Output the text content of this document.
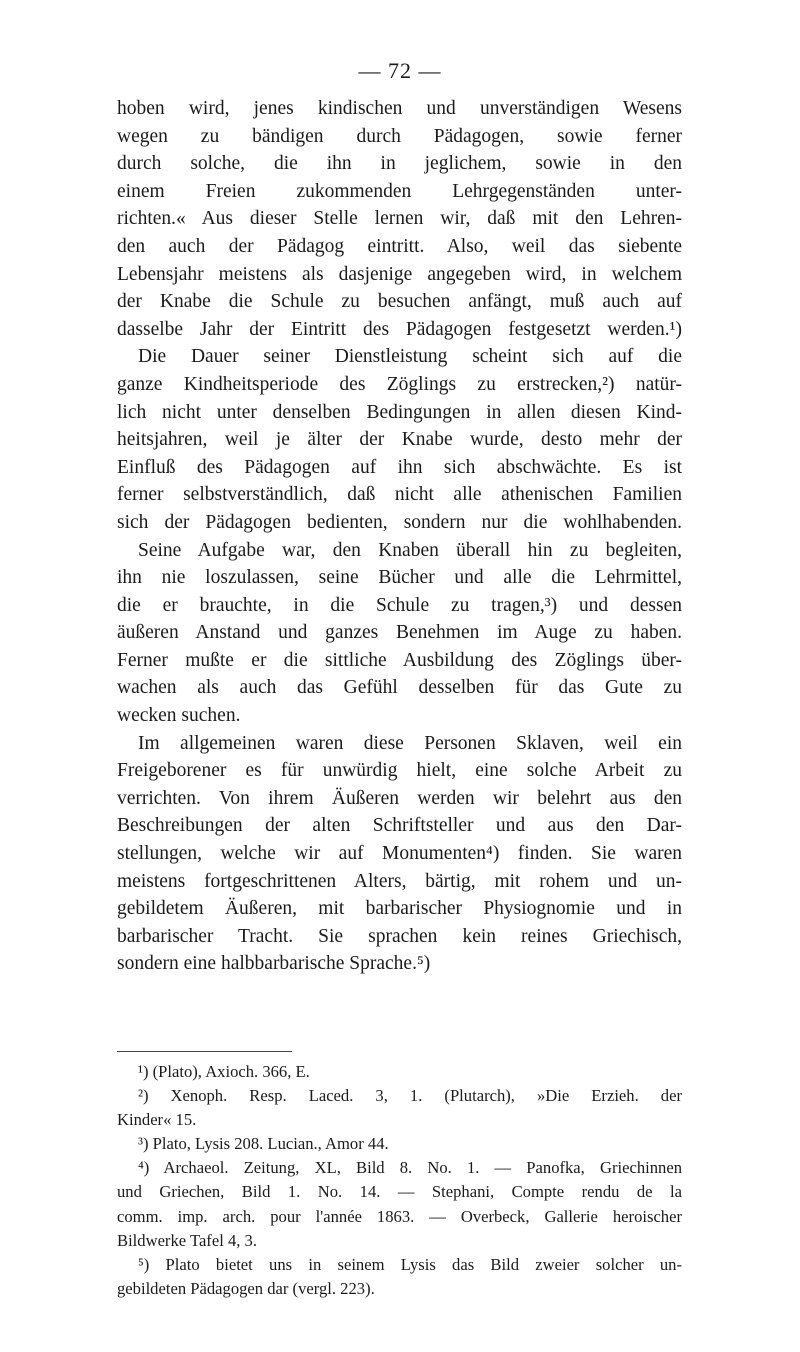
— 72 —
hoben wird, jenes kindischen und unverständigen Wesens
wegen zu bändigen durch Pädagogen, sowie ferner
durch solche, die ihn in jeglichem, sowie in den
einem Freien zukommenden Lehrgegenständen unter-
richten.« Aus dieser Stelle lernen wir, daß mit den Lehren-
den auch der Pädagog eintritt. Also, weil das siebente
Lebensjahr meistens als dasjenige angegeben wird, in welchem
der Knabe die Schule zu besuchen anfängt, muß auch auf
dasselbe Jahr der Eintritt des Pädagogen festgesetzt werden.¹)
Die Dauer seiner Dienstleistung scheint sich auf die
ganze Kindheitsperiode des Zöglings zu erstrecken,²) natür-
lich nicht unter denselben Bedingungen in allen diesen Kind-
heitsjahren, weil je älter der Knabe wurde, desto mehr der
Einfluß des Pädagogen auf ihn sich abschwächte. Es ist
ferner selbstverständlich, daß nicht alle athenischen Familien
sich der Pädagogen bedienten, sondern nur die wohlhabenden.
Seine Aufgabe war, den Knaben überall hin zu begleiten,
ihn nie loszulassen, seine Bücher und alle die Lehrmittel,
die er brauchte, in die Schule zu tragen,³) und dessen
äußeren Anstand und ganzes Benehmen im Auge zu haben.
Ferner mußte er die sittliche Ausbildung des Zöglings über-
wachen als auch das Gefühl desselben für das Gute zu
wecken suchen.
Im allgemeinen waren diese Personen Sklaven, weil ein
Freigeborener es für unwürdig hielt, eine solche Arbeit zu
verrichten. Von ihrem Äußeren werden wir belehrt aus den
Beschreibungen der alten Schriftsteller und aus den Dar-
stellungen, welche wir auf Monumenten⁴) finden. Sie waren
meistens fortgeschrittenen Alters, bärtig, mit rohem und un-
gebildetem Äußeren, mit barbarischer Physiognomie und in
barbarischer Tracht. Sie sprachen kein reines Griechisch,
sondern eine halbbarbarische Sprache.⁵)
¹) (Plato), Axioch. 366, E.
²) Xenoph. Resp. Laced. 3, 1. (Plutarch), »Die Erzieh. der
Kinder« 15.
³) Plato, Lysis 208. Lucian., Amor 44.
⁴) Archaeol. Zeitung, XL, Bild 8. No. 1. — Panofka, Griechinnen
und Griechen, Bild 1. No. 14. — Stephani, Compte rendu de la
comm. imp. arch. pour l'année 1863. — Overbeck, Gallerie heroischer
Bildwerke Tafel 4, 3.
⁵) Plato bietet uns in seinem Lysis das Bild zweier solcher un-
gebildeten Pädagogen dar (vergl. 223).
